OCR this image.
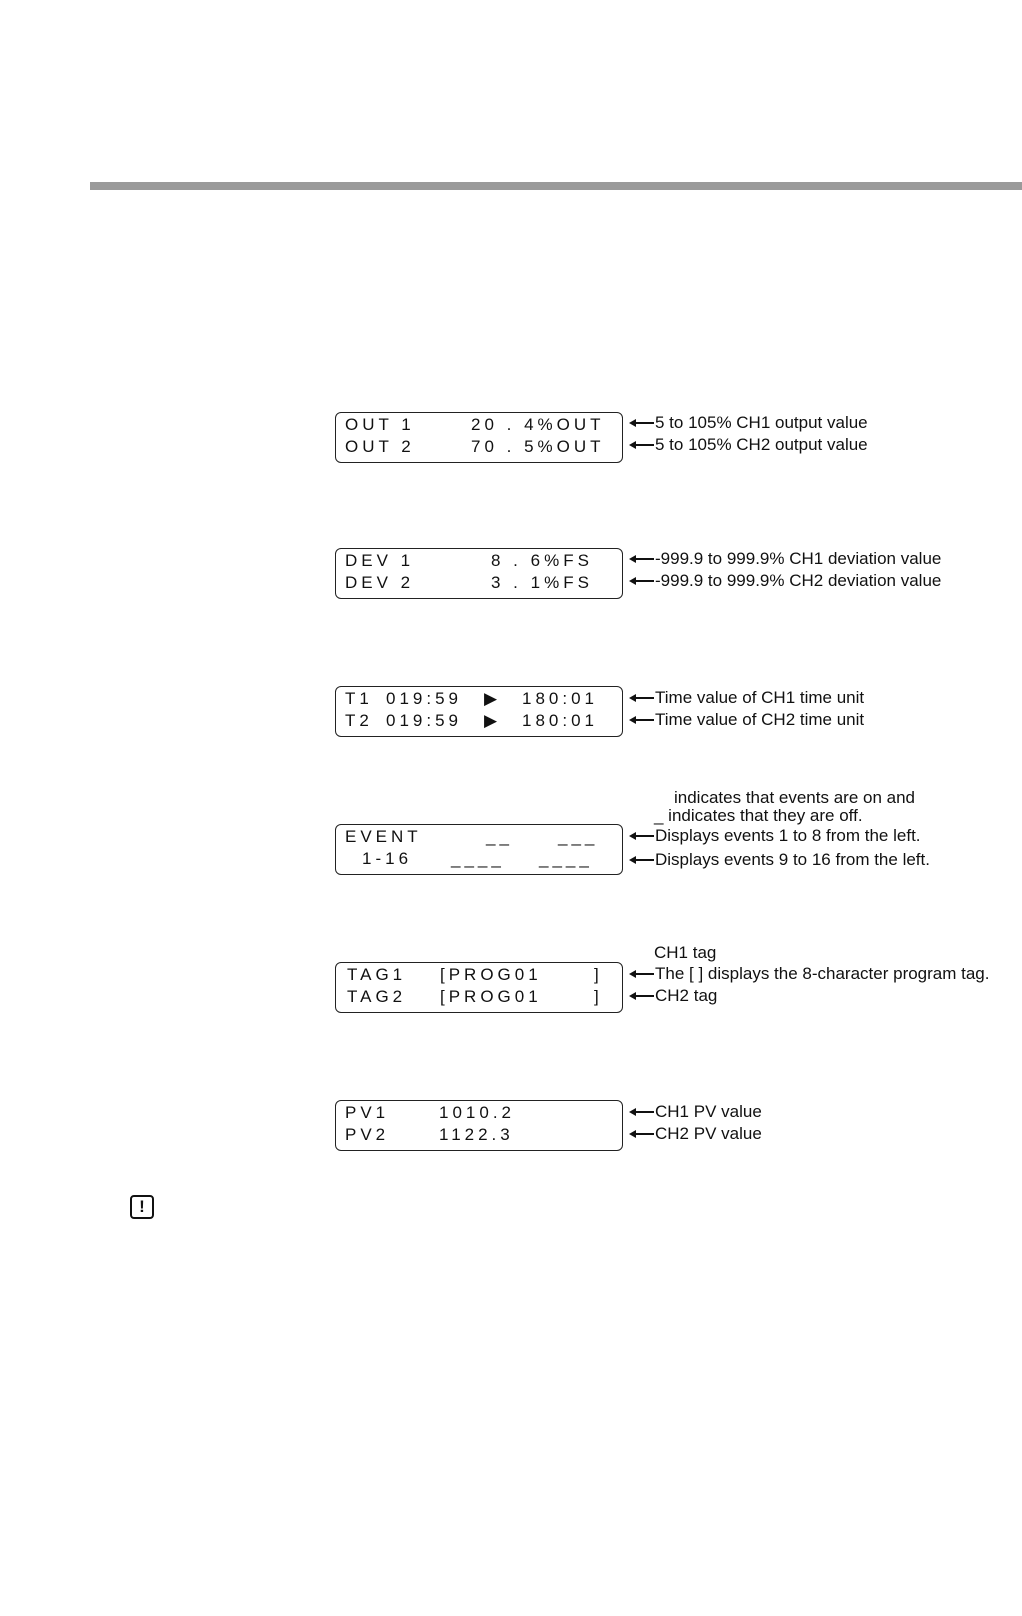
OUT 1	20 . 4%OUT
OUT 2	70 . 5%OUT
5 to 105% CH1 output value
5 to 105% CH2 output value
DEV 1	8 . 6%FS
DEV 2	3 . 1%FS
-999.9 to 999.9% CH1 deviation value
-999.9 to 999.9% CH2 deviation value
T1 019:59 ▶ 180:01
T2 019:59 ▶ 180:01
Time value of CH1 time unit
Time value of CH2 time unit
indicates that events are on and
_ indicates that they are off.
EVENT	__	___
1-16 ____ ____
Displays events 1 to 8 from the left.
Displays events 9 to 16 from the left.
CH1 tag
TAG1 [PROG01	]
TAG2 [PROG01	]
The [ ] displays the 8-character program tag.
CH2 tag
PV1	1010.2
PV2	1122.3
CH1 PV value
CH2 PV value
!
